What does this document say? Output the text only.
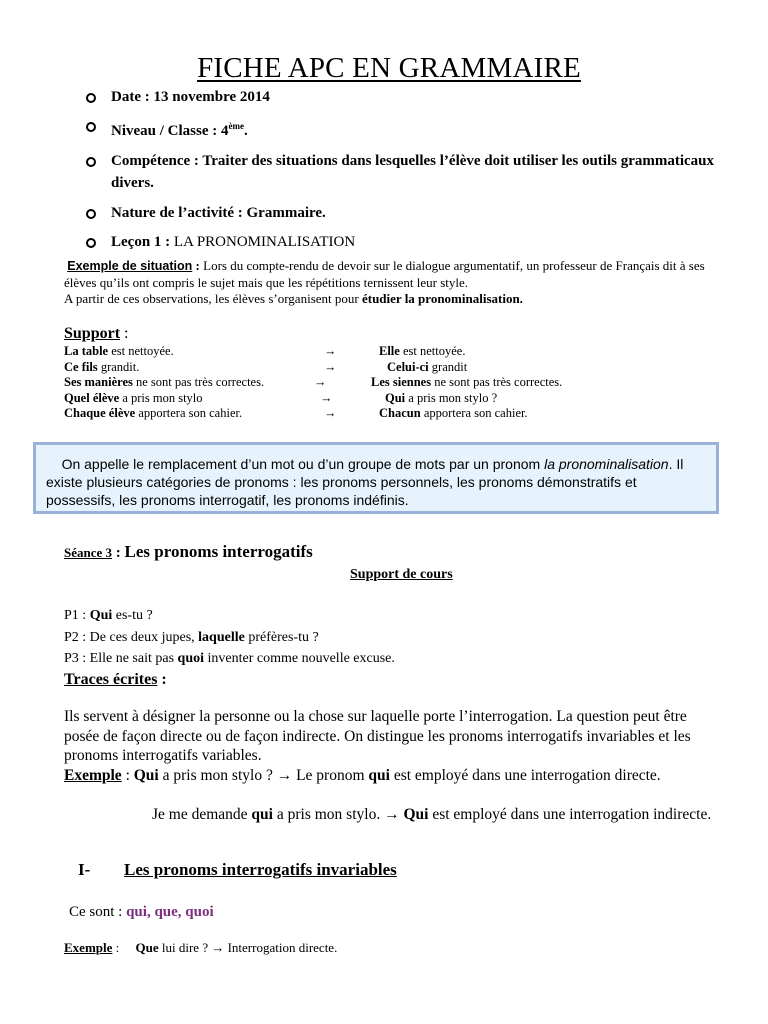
FICHE APC EN GRAMMAIRE
Date : 13 novembre 2014
Niveau / Classe : 4ème.
Compétence : Traiter des situations dans lesquelles l’élève doit utiliser les outils grammaticaux divers.
Nature de l’activité : Grammaire.
Leçon 1 : LA PRONOMINALISATION
Exemple de situation : Lors du compte-rendu de devoir sur le dialogue argumentatif, un professeur de Français dit à ses élèves qu’ils ont compris le sujet mais que les répétitions ternissent leur style.
A partir de ces observations, les élèves s’organisent pour étudier la pronominalisation.
Support :
La table est nettoyée.	→	Elle est nettoyée.
Ce fils grandit.	→	Celui-ci grandit
Ses manières ne sont pas très correctes.	→	Les siennes ne sont pas très correctes.
Quel élève a pris mon stylo	→	Qui a pris mon stylo ?
Chaque élève apportera son cahier.	→	Chacun apportera son cahier.
On appelle le remplacement d’un mot ou d’un groupe de mots par un pronom la pronominalisation. Il existe plusieurs catégories de pronoms : les pronoms personnels, les pronoms démonstratifs et possessifs, les pronoms interrogatif, les pronoms indéfinis.
Séance 3 : Les pronoms interrogatifs
Support de cours
P1 : Qui es-tu ?
P2 : De ces deux jupes, laquelle préfères-tu ?
P3 : Elle ne sait pas quoi inventer comme nouvelle excuse.
Traces écrites :
Ils servent à désigner la personne ou la chose sur laquelle porte l’interrogation. La question peut être posée de façon directe ou de façon indirecte. On distingue les pronoms interrogatifs invariables et les pronoms interrogatifs variables.
Exemple : Qui a pris mon stylo ? → Le pronom qui est employé dans une interrogation directe.
Je me demande qui a pris mon stylo. → Qui est employé dans une interrogation indirecte.
I- Les pronoms interrogatifs invariables
Ce sont : qui, que, quoi
Exemple :     Que lui dire ? → Interrogation directe.
